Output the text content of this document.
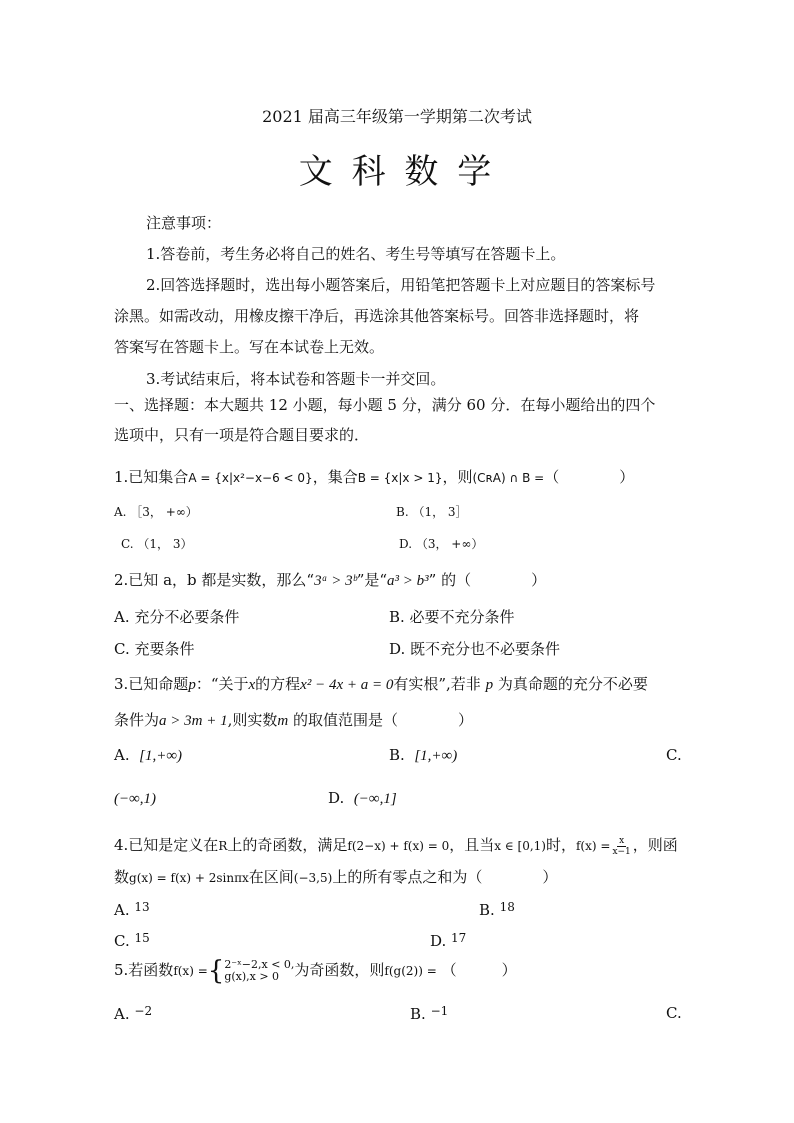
2021 届高三年级第一学期第二次考试
文 科 数 学
注意事项：
1.答卷前，考生务必将自己的姓名、考生号等填写在答题卡上。
2.回答选择题时，选出每小题答案后，用铅笔把答题卡上对应题目的答案标号
涂黑。如需改动，用橡皮擦干净后，再选涂其他答案标号。回答非选择题时，将
答案写在答题卡上。写在本试卷上无效。
3.考试结束后，将本试卷和答题卡一并交回。
一、选择题：本大题共 12 小题，每小题 5 分，满分 60 分．在每小题给出的四个
选项中，只有一项是符合题目要求的．
1.已知集合A = {x|x²−x−6 < 0}，集合B = {x|x > 1}，则(CʀA) ∩ B =（　　　　）
A. ［3， +∞）	B. （1， 3］
C. （1， 3）	D. （3， +∞）
2.已知 a，b 都是实数，那么“3ᵃ > 3ᵇ”是“a³ > b³” 的（　　　　）
A. 充分不必要条件	B. 必要不充分条件
C. 充要条件	D. 既不充分也不必要条件
3.已知命题p：“关于x的方程x² − 4x + a = 0有实根”,若非 p 为真命题的充分不必要
条件为a > 3m + 1,则实数m 的取值范围是（　　　　）
A. [1,+∞)	B. [1,+∞)	C.
(−∞,1)	D. (−∞,1]
4.已知是定义在R上的奇函数，满足f(2−x) + f(x) = 0，且当x ∈ [0,1)时，$f(x) = \frac{x}{x-1}$ ，则函
数g(x) = f(x) + 2sinπx在区间(−3,5)上的所有零点之和为（　　　　）
A. $^{13}$	B. $^{18}$
C. $^{15}$	D. $^{17}$
5.若函数f(x) ={ 2⁻ˣ−2,x < 0,
g(x),x > 0	为奇函数，则f(g(2)) = （　　　）
A. $^{-2}$	B. $^{-1}$	C.
